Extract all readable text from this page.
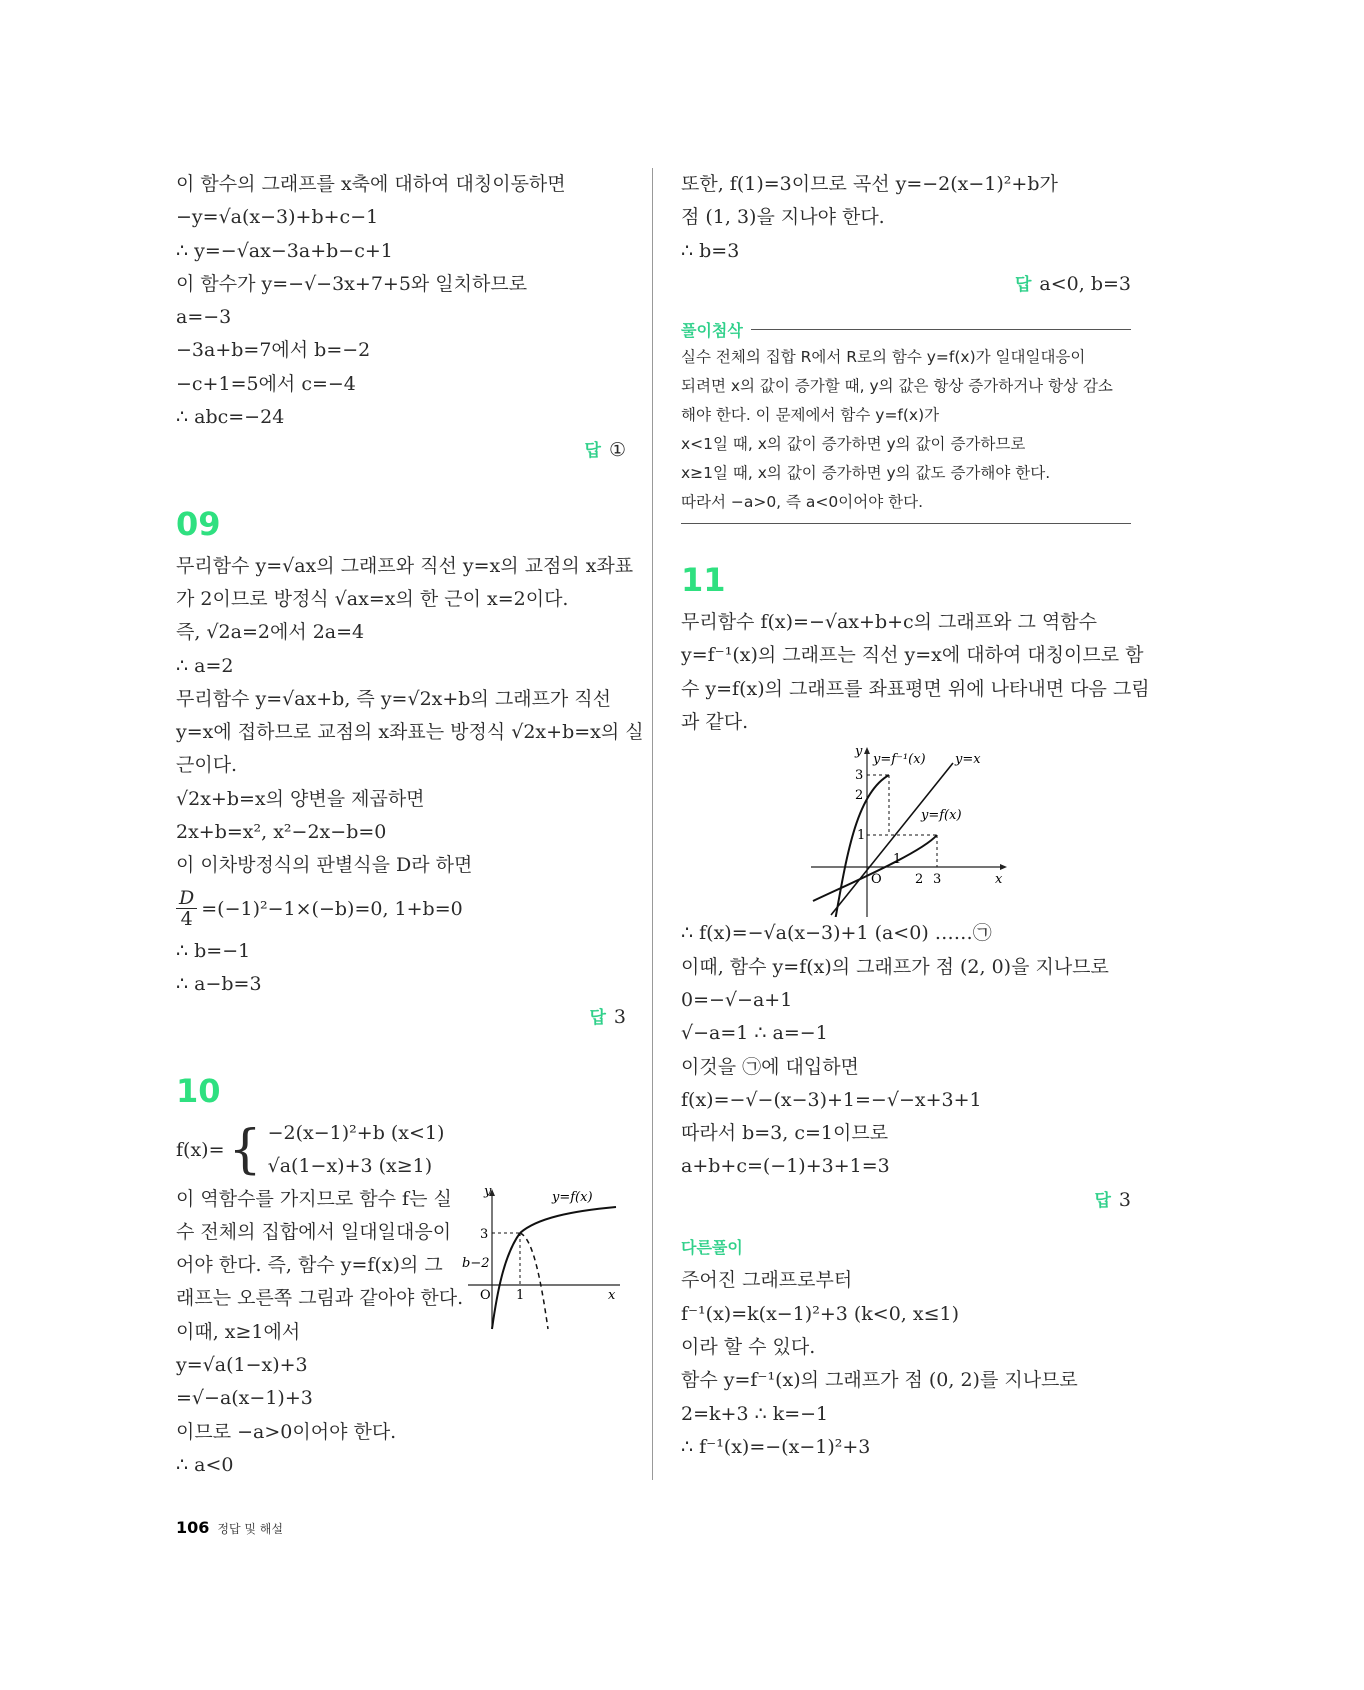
이 함수의 그래프를 x축에 대하여 대칭이동하면
−y=√a(x−3)+b+c−1
∴ y=−√ax−3a+b−c+1
이 함수가 y=−√−3x+7+5와 일치하므로
a=−3
−3a+b=7에서 b=−2
−c+1=5에서 c=−4
∴ abc=−24
답 ①
09
무리함수 y=√ax의 그래프와 직선 y=x의 교점의 x좌표
가 2이므로 방정식 √ax=x의 한 근이 x=2이다.
즉, √2a=2에서 2a=4
∴ a=2
무리함수 y=√ax+b, 즉 y=√2x+b의 그래프가 직선
y=x에 접하므로 교점의 x좌표는 방정식 √2x+b=x의 실
근이다.
√2x+b=x의 양변을 제곱하면
2x+b=x², x²−2x−b=0
이 이차방정식의 판별식을 D라 하면
$\frac{D}{4} =(-1)^2-1\times(-b)=0$, 1+b=0
∴ b=−1
∴ a−b=3
답 3
10
f(x)= { −2(x−1)²+b (x<1)
√a(1−x)+3 (x≥1)
이 역함수를 가지므로 함수 f는 실
수 전체의 집합에서 일대일대응이
어야 한다. 즉, 함수 y=f(x)의 그
래프는 오른쪽 그림과 같아야 한다.
이때, x≥1에서
y
x
O 1
3
b−2
y=f(x)
y=√a(1−x)+3
=√−a(x−1)+3
이므로 −a>0이어야 한다.
∴ a<0
또한, f(1)=3이므로 곡선 y=−2(x−1)²+b가
점 (1, 3)을 지나야 한다.
∴ b=3
답 a<0, b=3
풀이첨삭
실수 전체의 집합 R에서 R로의 함수 y=f(x)가 일대일대응이
되려면 x의 값이 증가할 때, y의 값은 항상 증가하거나 항상 감소
해야 한다. 이 문제에서 함수 y=f(x)가
x<1일 때, x의 값이 증가하면 y의 값이 증가하므로
x≥1일 때, x의 값이 증가하면 y의 값도 증가해야 한다.
따라서 −a>0, 즉 a<0이어야 한다.
11
무리함수 f(x)=−√ax+b+c의 그래프와 그 역함수
y=f⁻¹(x)의 그래프는 직선 y=x에 대하여 대칭이므로 함
수 y=f(x)의 그래프를 좌표평면 위에 나타내면 다음 그림
과 같다.
y
x
O
3
2
1
1
2 3
y=f⁻¹(x) y=x
y=f(x)
∴ f(x)=−√a(x−3)+1 (a<0) ……㉠
이때, 함수 y=f(x)의 그래프가 점 (2, 0)을 지나므로
0=−√−a+1
√−a=1 ∴ a=−1
이것을 ㉠에 대입하면
f(x)=−√−(x−3)+1=−√−x+3+1
따라서 b=3, c=1이므로
a+b+c=(−1)+3+1=3
답 3
다른풀이
주어진 그래프로부터
f⁻¹(x)=k(x−1)²+3 (k<0, x≤1)
이라 할 수 있다.
함수 y=f⁻¹(x)의 그래프가 점 (0, 2)를 지나므로
2=k+3 ∴ k=−1
∴ f⁻¹(x)=−(x−1)²+3
106 정답 및 해설
